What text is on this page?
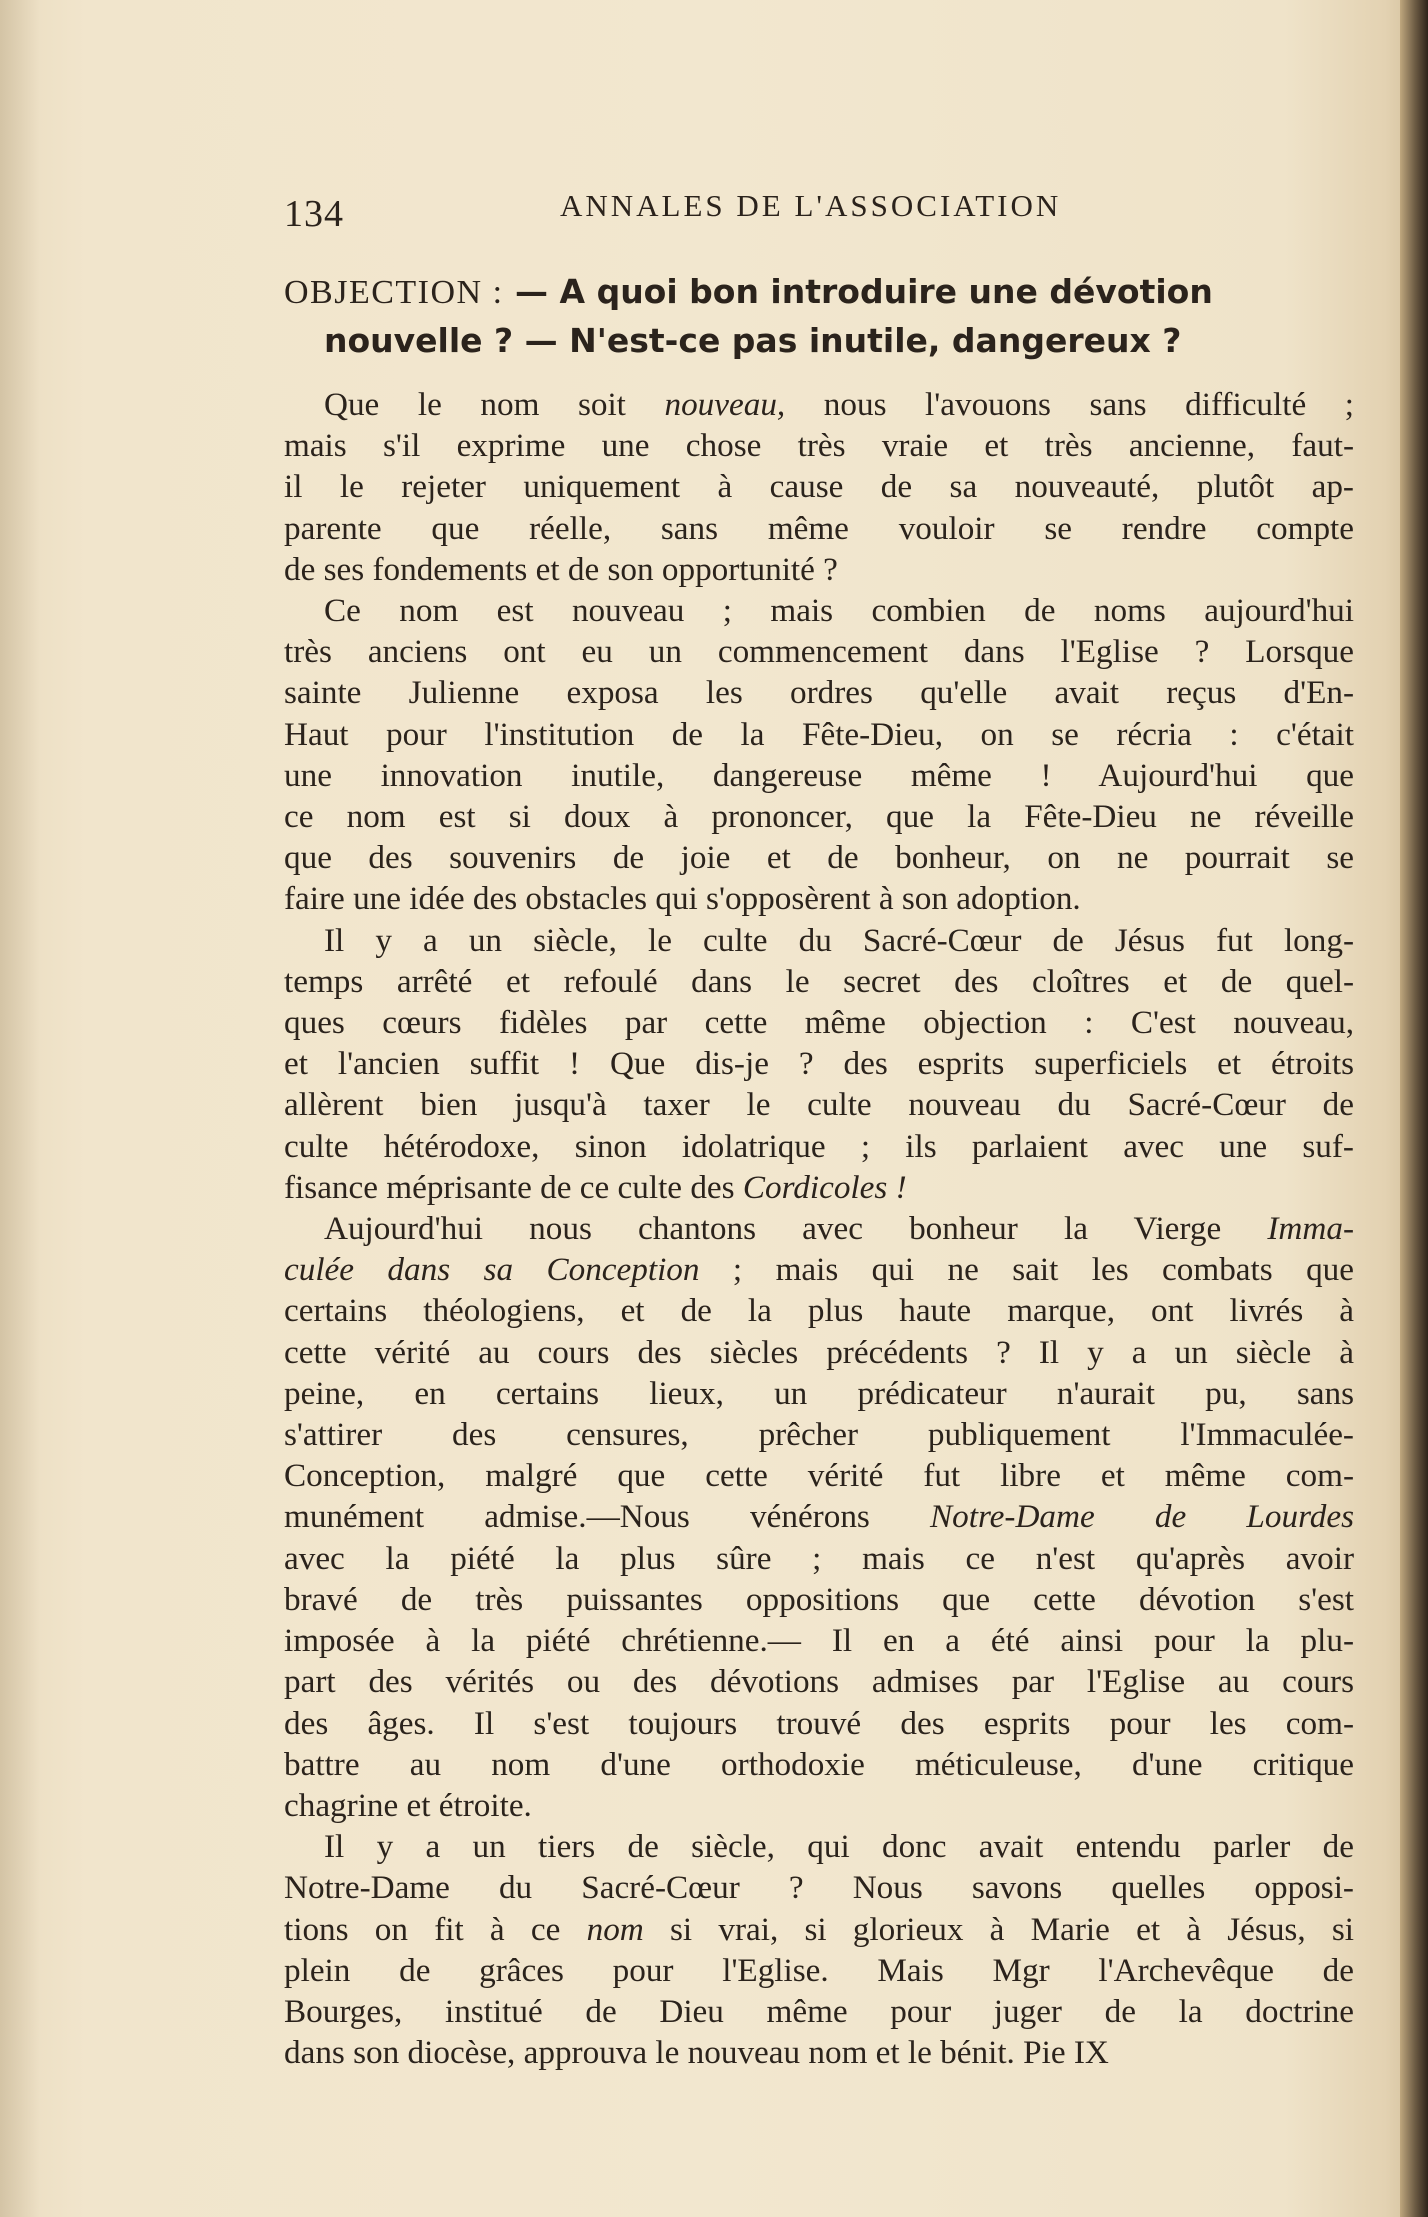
134	ANNALES DE L'ASSOCIATION
OBJECTION : — A quoi bon introduire une dévotion
nouvelle ? — N'est-ce pas inutile, dangereux ?
Que le nom soit nouveau, nous l'avouons sans difficulté ;
mais s'il exprime une chose très vraie et très ancienne, faut-
il le rejeter uniquement à cause de sa nouveauté, plutôt ap-
parente que réelle, sans même vouloir se rendre compte
de ses fondements et de son opportunité ?
Ce nom est nouveau ; mais combien de noms aujourd'hui
très anciens ont eu un commencement dans l'Eglise ? Lorsque
sainte Julienne exposa les ordres qu'elle avait reçus d'En-
Haut pour l'institution de la Fête-Dieu, on se récria : c'était
une innovation inutile, dangereuse même ! Aujourd'hui que
ce nom est si doux à prononcer, que la Fête-Dieu ne réveille
que des souvenirs de joie et de bonheur, on ne pourrait se
faire une idée des obstacles qui s'opposèrent à son adoption.
Il y a un siècle, le culte du Sacré-Cœur de Jésus fut long-
temps arrêté et refoulé dans le secret des cloîtres et de quel-
ques cœurs fidèles par cette même objection : C'est nouveau,
et l'ancien suffit ! Que dis-je ? des esprits superficiels et étroits
allèrent bien jusqu'à taxer le culte nouveau du Sacré-Cœur de
culte hétérodoxe, sinon idolatrique ; ils parlaient avec une suf-
fisance méprisante de ce culte des Cordicoles !
Aujourd'hui nous chantons avec bonheur la Vierge Imma-
culée dans sa Conception ; mais qui ne sait les combats que
certains théologiens, et de la plus haute marque, ont livrés à
cette vérité au cours des siècles précédents ? Il y a un siècle à
peine, en certains lieux, un prédicateur n'aurait pu, sans
s'attirer des censures, prêcher publiquement l'Immaculée-
Conception, malgré que cette vérité fut libre et même com-
munément admise.—Nous vénérons Notre-Dame de Lourdes
avec la piété la plus sûre ; mais ce n'est qu'après avoir
bravé de très puissantes oppositions que cette dévotion s'est
imposée à la piété chrétienne.— Il en a été ainsi pour la plu-
part des vérités ou des dévotions admises par l'Eglise au cours
des âges. Il s'est toujours trouvé des esprits pour les com-
battre au nom d'une orthodoxie méticuleuse, d'une critique
chagrine et étroite.
Il y a un tiers de siècle, qui donc avait entendu parler de
Notre-Dame du Sacré-Cœur ? Nous savons quelles opposi-
tions on fit à ce nom si vrai, si glorieux à Marie et à Jésus, si
plein de grâces pour l'Eglise. Mais Mgr l'Archevêque de
Bourges, institué de Dieu même pour juger de la doctrine
dans son diocèse, approuva le nouveau nom et le bénit. Pie IX
